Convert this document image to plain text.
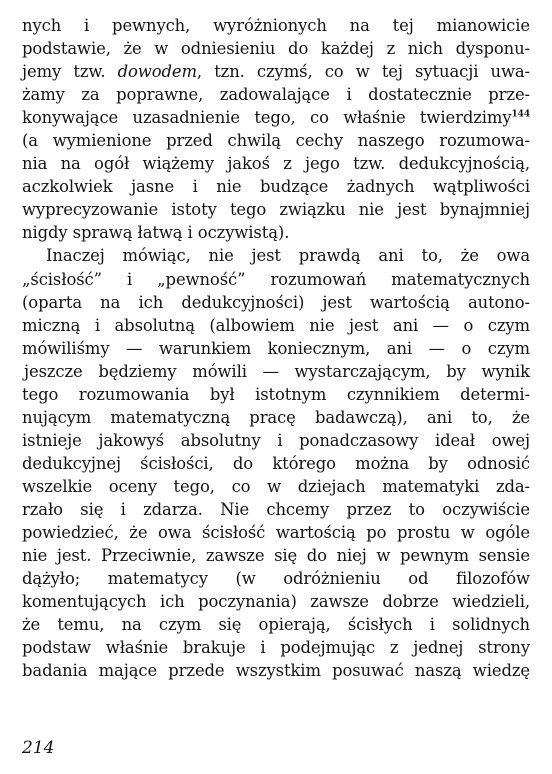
nych i pewnych, wyróżnionych na tej mianowicie
podstawie, że w odniesieniu do każdej z nich dysponu-
jemy tzw. dowodem, tzn. czymś, co w tej sytuacji uwa-
żamy za poprawne, zadowalające i dostatecznie prze-
konywające uzasadnienie tego, co właśnie twierdzimy$^{144}$
(a wymienione przed chwilą cechy naszego rozumowa-
nia na ogół wiążemy jakoś z jego tzw. dedukcyjnością,
aczkolwiek jasne i nie budzące żadnych wątpliwości
wyprecyzowanie istoty tego związku nie jest bynajmniej
nigdy sprawą łatwą i oczywistą).
Inaczej mówiąc, nie jest prawdą ani to, że owa
„ścisłość” i „pewność” rozumowań matematycznych
(oparta na ich dedukcyjności) jest wartością autono-
miczną i absolutną (albowiem nie jest ani — o czym
mówiliśmy — warunkiem koniecznym, ani — o czym
jeszcze będziemy mówili — wystarczającym, by wynik
tego rozumowania był istotnym czynnikiem determi-
nującym matematyczną pracę badawczą), ani to, że
istnieje jakowyś absolutny i ponadczasowy ideał owej
dedukcyjnej ścisłości, do którego można by odnosić
wszelkie oceny tego, co w dziejach matematyki zda-
rzało się i zdarza. Nie chcemy przez to oczywiście
powiedzieć, że owa ścisłość wartością po prostu w ogóle
nie jest. Przeciwnie, zawsze się do niej w pewnym sensie
dążyło; matematycy (w odróżnieniu od filozofów
komentujących ich poczynania) zawsze dobrze wiedzieli,
że temu, na czym się opierają, ścisłych i solidnych
podstaw właśnie brakuje i podejmując z jednej strony
badania mające przede wszystkim posuwać naszą wiedzę
214
